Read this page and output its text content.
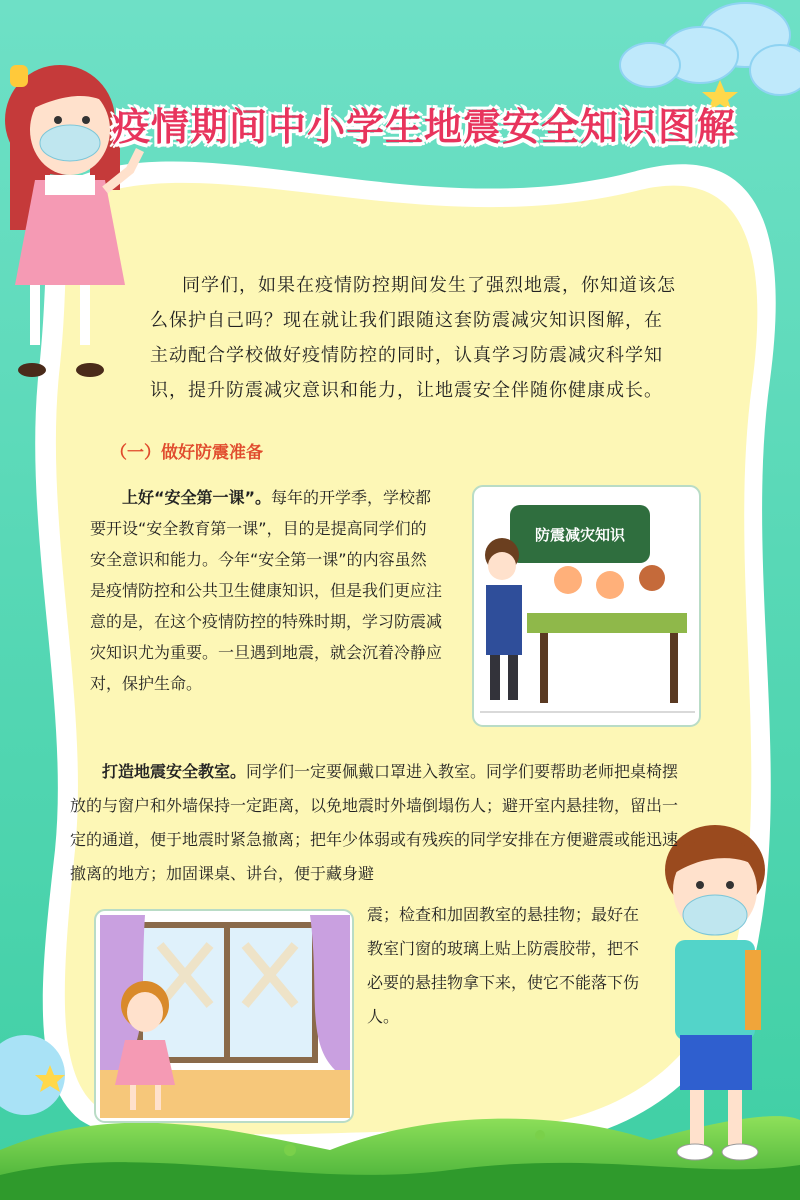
防震减灾知识
疫情期间中小学生地震安全知识图解
同学们，如果在疫情防控期间发生了强烈地震，你知道该怎么保护自己吗？现在就让我们跟随这套防震减灾知识图解，在主动配合学校做好疫情防控的同时，认真学习防震减灾科学知识，提升防震减灾意识和能力，让地震安全伴随你健康成长。
（一）做好防震准备
上好“安全第一课”。每年的开学季，学校都要开设“安全教育第一课”，目的是提高同学们的安全意识和能力。今年“安全第一课”的内容虽然是疫情防控和公共卫生健康知识，但是我们更应注意的是，在这个疫情防控的特殊时期，学习防震减灾知识尤为重要。一旦遇到地震，就会沉着冷静应对，保护生命。
打造地震安全教室。同学们一定要佩戴口罩进入教室。同学们要帮助老师把桌椅摆放的与窗户和外墙保持一定距离，以免地震时外墙倒塌伤人；避开室内悬挂物，留出一定的通道，便于地震时紧急撤离；把年少体弱或有残疾的同学安排在方便避震或能迅速撤离的地方；加固课桌、讲台，便于藏身避
震；检查和加固教室的悬挂物；最好在教室门窗的玻璃上贴上防震胶带，把不必要的悬挂物拿下来，使它不能落下伤人。
